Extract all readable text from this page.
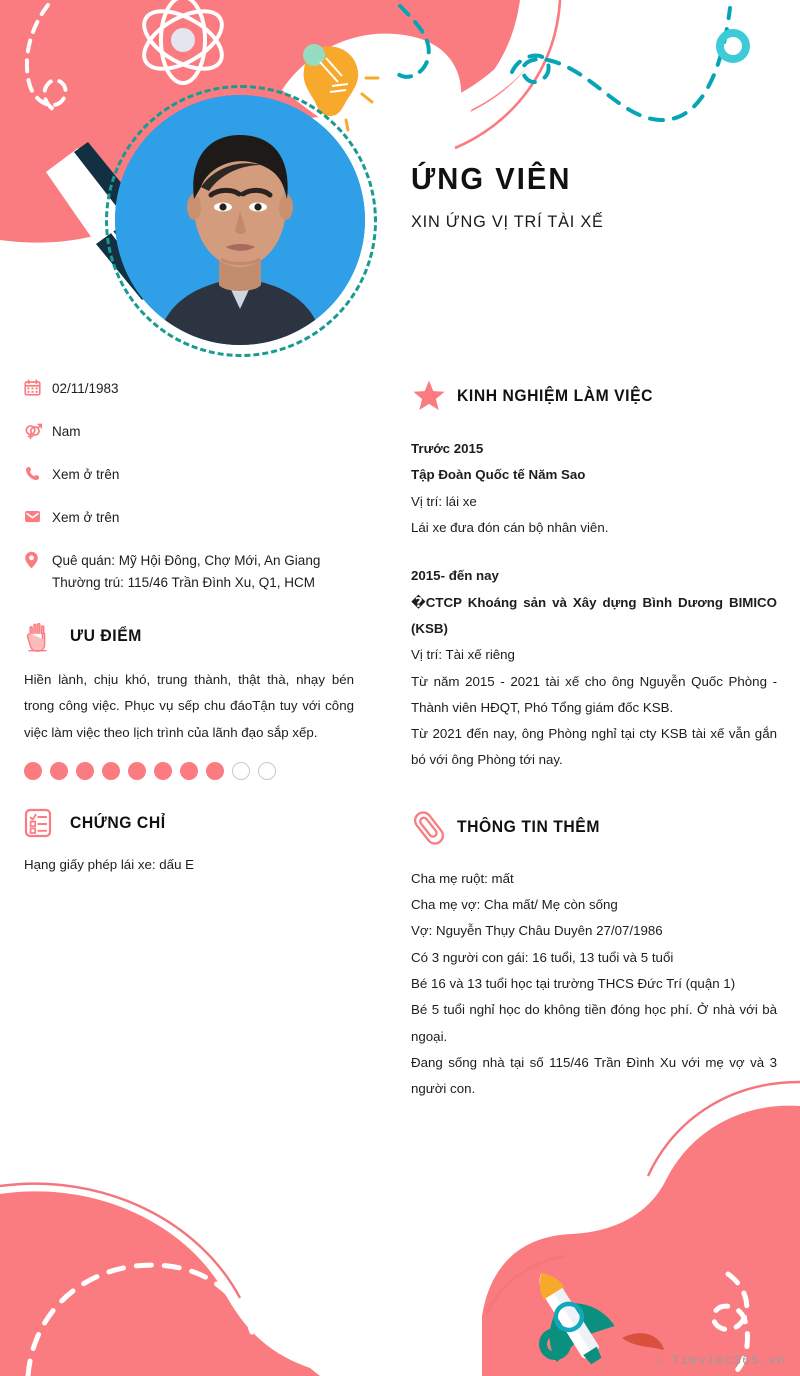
ỨNG VIÊN
XIN ỨNG VỊ TRÍ TÀI XẾ
02/11/1983
Nam
Xem ở trên
Xem ở trên
Quê quán: Mỹ Hội Đông, Chợ Mới, An Giang Thường trú: 115/46 Trần Đình Xu, Q1, HCM
ƯU ĐIỂM

Hiền lành, chịu khó, trung thành, thật thà, nhạy bén trong công việc. Phục vụ sếp chu đáoTận tuy với công việc làm việc theo lịch trình của lãnh đạo sắp xếp.

CHỨNG CHỈ

Hạng giấy phép lái xe: dấu E

KINH NGHIỆM LÀM VIỆC

Trước 2015

Tập Đoàn Quốc tế Năm Sao

Vị trí: lái xe

Lái xe đưa đón cán bộ nhân viên.

2015- đến nay

�CTCP Khoáng sản và Xây dựng Bình Dương BIMICO (KSB)

Vị trí: Tài xế riêng

Từ năm 2015 - 2021 tài xế cho ông Nguyễn Quốc Phòng - Thành viên HĐQT, Phó Tổng giám đốc KSB.

Từ 2021 đến nay, ông Phòng nghỉ tại cty KSB tài xế vẫn gắn bó với ông Phòng tới nay.

THÔNG TIN THÊM

Cha mẹ ruột: mất

Cha mẹ vợ: Cha mất/ Mẹ còn sống

Vợ: Nguyễn Thụy Châu Duyên 27/07/1986

Có 3 người con gái: 16 tuổi, 13 tuổi và 5 tuổi

Bé 16 và 13 tuổi học tại trường THCS Đức Trí (quận 1)

Bé 5 tuổi nghỉ học do không tiền đóng học phí. Ở nhà với bà ngoại.

Đang sống nhà tại số 115/46 Trần Đình Xu với mẹ vợ và 3 người con.

∴ Timviec365.vn
